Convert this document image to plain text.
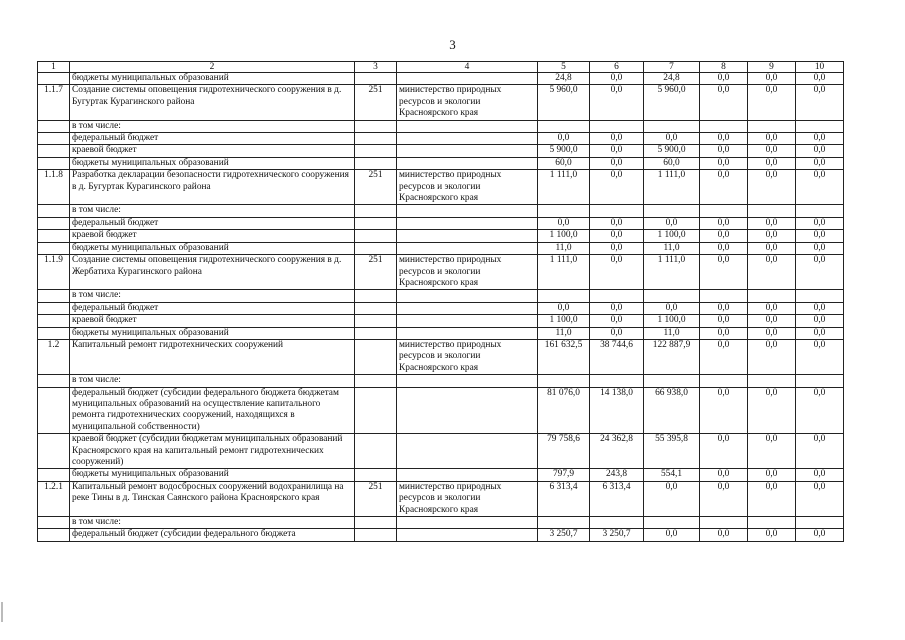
3
1	2	3	4	5	6	7	8	9	10
	бюджеты муниципальных образований			24,8	0,0	24,8	0,0	0,0	0,0
1.1.7	Создание системы оповещения гидротехнического сооружения в д. Бугуртак Курагинского района	251	министерство природных ресурсов и экологии Красноярского края	5 960,0	0,0	5 960,0	0,0	0,0	0,0
	в том числе:								
	федеральный бюджет			0,0	0,0	0,0	0,0	0,0	0,0
	краевой бюджет			5 900,0	0,0	5 900,0	0,0	0,0	0,0
	бюджеты муниципальных образований			60,0	0,0	60,0	0,0	0,0	0,0
1.1.8	Разработка декларации безопасности гидротехнического сооружения в д. Бугуртак Курагинского района	251	министерство природных ресурсов и экологии Красноярского края	1 111,0	0,0	1 111,0	0,0	0,0	0,0
	в том числе:								
	федеральный бюджет			0,0	0,0	0,0	0,0	0,0	0,0
	краевой бюджет			1 100,0	0,0	1 100,0	0,0	0,0	0,0
	бюджеты муниципальных образований			11,0	0,0	11,0	0,0	0,0	0,0
1.1.9	Создание системы оповещения гидротехнического сооружения в д. Жербатиха Курагинского района	251	министерство природных ресурсов и экологии Красноярского края	1 111,0	0,0	1 111,0	0,0	0,0	0,0
	в том числе:								
	федеральный бюджет			0,0	0,0	0,0	0,0	0,0	0,0
	краевой бюджет			1 100,0	0,0	1 100,0	0,0	0,0	0,0
	бюджеты муниципальных образований			11,0	0,0	11,0	0,0	0,0	0,0
1.2	Капитальный ремонт гидротехнических сооружений		министерство природных ресурсов и экологии Красноярского края	161 632,5	38 744,6	122 887,9	0,0	0,0	0,0
	в том числе:								
	федеральный бюджет (субсидии федерального бюджета бюджетам муниципальных образований на осуществление капитального ремонта гидротехнических сооружений, находящихся в муниципальной собственности)			81 076,0	14 138,0	66 938,0	0,0	0,0	0,0
	краевой бюджет (субсидии бюджетам муниципальных образований Красноярского края на капитальный ремонт гидротехнических сооружений)			79 758,6	24 362,8	55 395,8	0,0	0,0	0,0
	бюджеты муниципальных образований			797,9	243,8	554,1	0,0	0,0	0,0
1.2.1	Капитальный ремонт водосбросных сооружений водохранилища на реке Тины в д. Тинская Саянского района Красноярского края	251	министерство природных ресурсов и экологии Красноярского края	6 313,4	6 313,4	0,0	0,0	0,0	0,0
	в том числе:								
	федеральный бюджет (субсидии федерального бюджета			3 250,7	3 250,7	0,0	0,0	0,0	0,0
